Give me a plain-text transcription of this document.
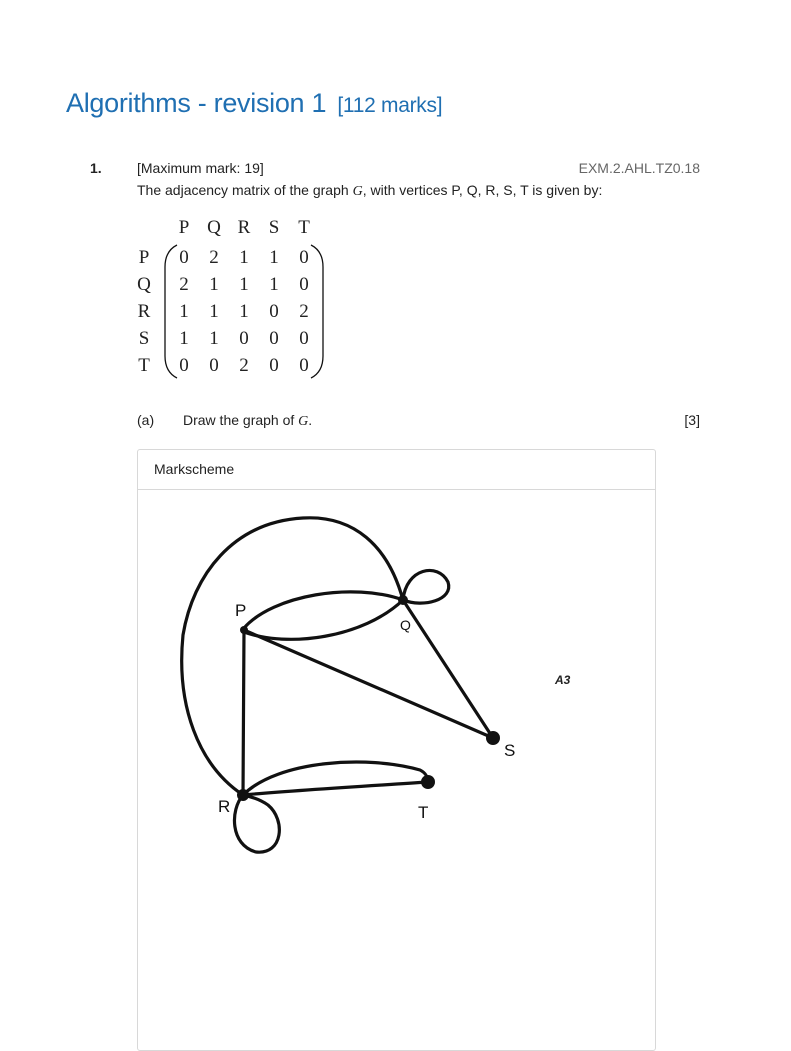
Algorithms - revision 1 [112 marks]
1.	[Maximum mark: 19]	EXM.2.AHL.TZ0.18
The adjacency matrix of the graph G, with vertices P, Q, R, S, T is given by:
P Q R S T
P	0	2	1	1	0
Q	2	1	1	1	0
R	1	1	1	0	2
S	1	1	0	0	0
T	0	0	2	0	0
(a) Draw the graph of G.	[3]
Markscheme
P
Q
S
R	T
A3
